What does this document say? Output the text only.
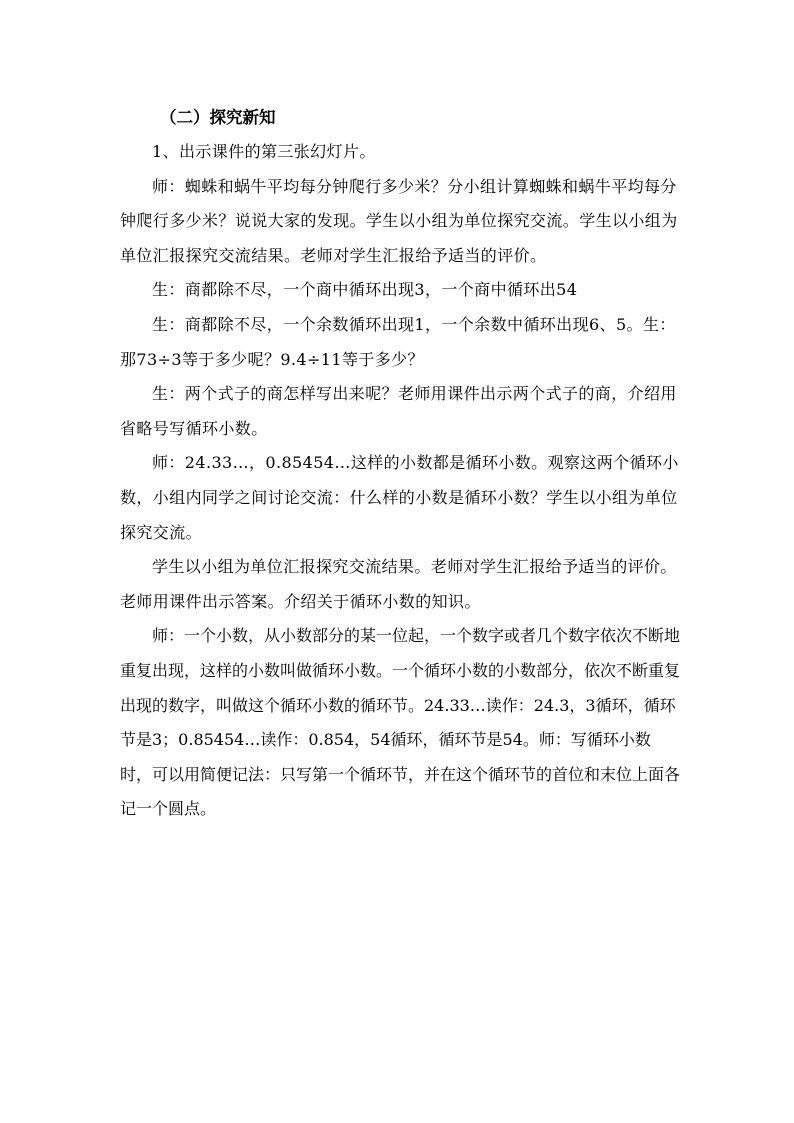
（二）探究新知

1、出示课件的第三张幻灯片。

师：蜘蛛和蜗牛平均每分钟爬行多少米？分小组计算蜘蛛和蜗牛平均每分钟爬行多少米？说说大家的发现。学生以小组为单位探究交流。学生以小组为单位汇报探究交流结果。老师对学生汇报给予适当的评价。

生：商都除不尽，一个商中循环出现3，一个商中循环出54

生：商都除不尽，一个余数循环出现1，一个余数中循环出现6、5。生：那73÷3等于多少呢？9.4÷11等于多少？

生：两个式子的商怎样写出来呢？老师用课件出示两个式子的商，介绍用省略号写循环小数。

师：24.33…，0.85454…这样的小数都是循环小数。观察这两个循环小数，小组内同学之间讨论交流：什么样的小数是循环小数？学生以小组为单位探究交流。

学生以小组为单位汇报探究交流结果。老师对学生汇报给予适当的评价。老师用课件出示答案。介绍关于循环小数的知识。

师：一个小数，从小数部分的某一位起，一个数字或者几个数字依次不断地重复出现，这样的小数叫做循环小数。一个循环小数的小数部分，依次不断重复出现的数字，叫做这个循环小数的循环节。24.33…读作：24.3，3循环，循环节是3；0.85454…读作：0.854，54循环，循环节是54。师：写循环小数时，可以用简便记法：只写第一个循环节，并在这个循环节的首位和末位上面各记一个圆点。
